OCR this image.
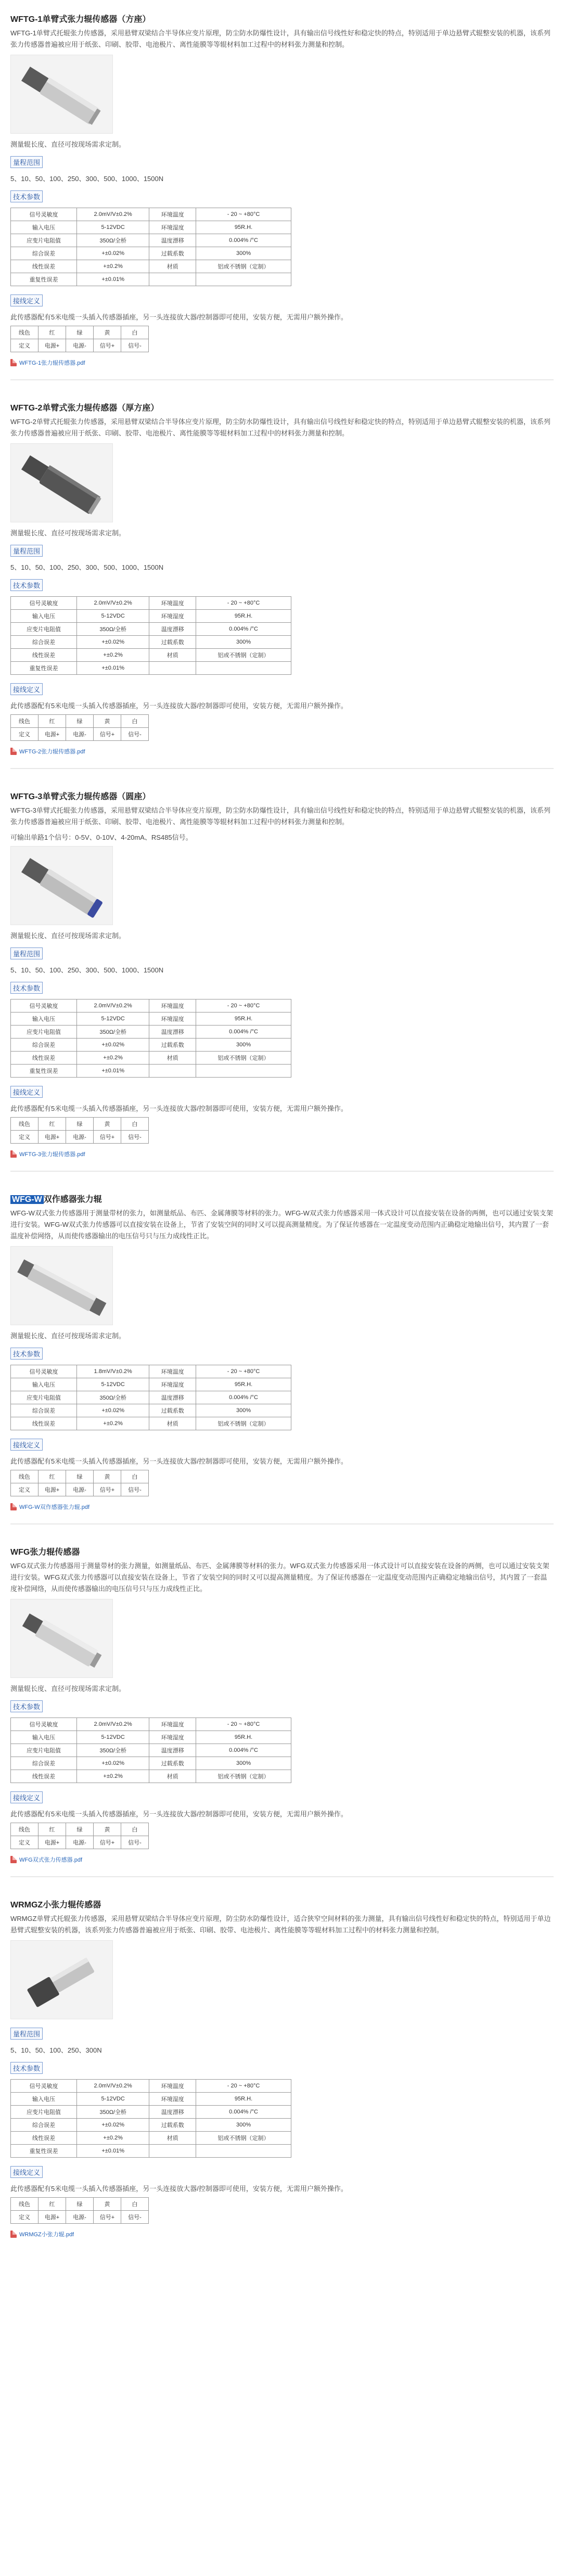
WFTG-1单臂式张力辊传感器（方座）

WFTG-1单臂式托辊张力传感器，采用悬臂双梁结合半导体应变片原理，防尘防水防爆性设计，具有输出信号线性好和稳定快的特点，特别适用于单边悬臂式辊整安装的机器，该系列张力传感器普遍被应用于纸张、印刷、胶带、电池极片、离性能膜等等辊材料加工过程中的材料张力测量和控制。

测量辊长度、直径可按现场需求定制。

量程范围
5、10、50、100、250、300、500、1000、1500N
技术参数
信号灵敏度	2.0mV/V±0.2%	环境温度	- 20 ~ +80°C
输入电压	5-12VDC	环境湿度	95R.H.
应变片电阻值	350Ω/全桥	温度漂移	0.004% /°C
综合误差	+±0.02%	过载系数	300%
线性误差	+±0.2%	材质	铝或不锈钢（定制）
重复性误差	+±0.01%		
接线定义
此传感器配有5米电缆一头插入传感器插座，另一头连接放大器/控制器即可使用，安装方便，无需用户额外操作。
线色	红	绿	黄	白
定义	电源+	电源-	信号+	信号-
WFTG-1张力辊传感器.pdf
WFTG-2单臂式张力辊传感器（厚方座）

WFTG-2单臂式托辊张力传感器，采用悬臂双梁结合半导体应变片原理，防尘防水防爆性设计，具有输出信号线性好和稳定快的特点，特别适用于单边悬臂式辊整安装的机器，该系列张力传感器普遍被应用于纸张、印刷、胶带、电池极片、离性能膜等等辊材料加工过程中的材料张力测量和控制。

测量辊长度、直径可按现场需求定制。

量程范围
5、10、50、100、250、300、500、1000、1500N
技术参数
信号灵敏度	2.0mV/V±0.2%	环境温度	- 20 ~ +80°C
输入电压	5-12VDC	环境湿度	95R.H.
应变片电阻值	350Ω/全桥	温度漂移	0.004% /°C
综合误差	+±0.02%	过载系数	300%
线性误差	+±0.2%	材质	铝或不锈钢（定制）
重复性误差	+±0.01%		
接线定义
此传感器配有5米电缆一头插入传感器插座，另一头连接放大器/控制器即可使用，安装方便，无需用户额外操作。
线色	红	绿	黄	白
定义	电源+	电源-	信号+	信号-
WFTG-2张力辊传感器.pdf
WFTG-3单臂式张力辊传感器（圆座）

WFTG-3单臂式托辊张力传感器，采用悬臂双梁结合半导体应变片原理，防尘防水防爆性设计，具有输出信号线性好和稳定快的特点，特别适用于单边悬臂式辊整安装的机器，该系列张力传感器普遍被应用于纸张、印刷、胶带、电池极片、离性能膜等等辊材料加工过程中的材料张力测量和控制。

可输出单路1个信号：0-5V、0-10V、4-20mA、RS485信号。

测量辊长度、直径可按现场需求定制。

量程范围
5、10、50、100、250、300、500、1000、1500N
技术参数
信号灵敏度	2.0mV/V±0.2%	环境温度	- 20 ~ +80°C
输入电压	5-12VDC	环境湿度	95R.H.
应变片电阻值	350Ω/全桥	温度漂移	0.004% /°C
综合误差	+±0.02%	过载系数	300%
线性误差	+±0.2%	材质	铝或不锈钢（定制）
重复性误差	+±0.01%		
接线定义
此传感器配有5米电缆一头插入传感器插座，另一头连接放大器/控制器即可使用，安装方便，无需用户额外操作。
线色	红	绿	黄	白
定义	电源+	电源-	信号+	信号-
WFTG-3张力辊传感器.pdf
WFG-W 双作感器张力辊

WFG-W双式张力传感器用于测量带材的张力，如测量纸品、布匹、金属薄膜等材料的张力。WFG-W双式张力传感器采用一体式设计可以直接安装在设备的两侧，也可以通过安装支架进行安装。WFG-W双式张力传感器可以直接安装在设备上，节省了安装空间的同时又可以提高测量精度。为了保证传感器在一定温度变动范围内正确稳定地输出信号，其内置了一套温度补偿网络，从而使传感器输出的电压信号只与压力成线性正比。

测量辊长度、直径可按现场需求定制。

技术参数
信号灵敏度	1.8mV/V±0.2%	环境温度	- 20 ~ +80°C
输入电压	5-12VDC	环境湿度	95R.H.
应变片电阻值	350Ω/全桥	温度漂移	0.004% /°C
综合误差	+±0.02%	过载系数	300%
线性误差	+±0.2%	材质	铝或不锈钢（定制）
接线定义
此传感器配有5米电缆一头插入传感器插座，另一头连接放大器/控制器即可使用，安装方便，无需用户额外操作。
线色	红	绿	黄	白
定义	电源+	电源-	信号+	信号-
WFG-W双作感器张力辊.pdf
WFG张力辊传感器

WFG双式张力传感器用于测量带材的张力测量，如测量纸品、布匹、金属薄膜等材料的张力。WFG双式张力传感器采用一体式设计可以直接安装在设备的两侧，也可以通过安装支架进行安装。WFG双式张力传感器可以直接安装在设备上，节省了安装空间的同时又可以提高测量精度。为了保证传感器在一定温度变动范围内正确稳定地输出信号，其内置了一套温度补偿网络，从而使传感器输出的电压信号只与压力成线性正比。

测量辊长度、直径可按现场需求定制。

技术参数
信号灵敏度	2.0mV/V±0.2%	环境温度	- 20 ~ +80°C
输入电压	5-12VDC	环境湿度	95R.H.
应变片电阻值	350Ω/全桥	温度漂移	0.004% /°C
综合误差	+±0.02%	过载系数	300%
线性误差	+±0.2%	材质	铝或不锈钢（定制）
接线定义
此传感器配有5米电缆一头插入传感器插座，另一头连接放大器/控制器即可使用，安装方便，无需用户额外操作。
线色	红	绿	黄	白
定义	电源+	电源-	信号+	信号-
WFG双式张力传感器.pdf
WRMGZ小张力辊传感器

WRMGZ单臂式托辊张力传感器，采用悬臂双梁结合半导体应变片原理，防尘防水防爆性设计，适合狭窄空间材料的张力测量，具有输出信号线性好和稳定快的特点，特别适用于单边悬臂式辊整安装的机器，该系列张力传感器普遍被应用于纸张、印刷、胶带、电池极片、离性能膜等等辊材料加工过程中的材料张力测量和控制。

量程范围
5、10、50、100、250、300N
技术参数
信号灵敏度	2.0mV/V±0.2%	环境温度	- 20 ~ +80°C
输入电压	5-12VDC	环境湿度	95R.H.
应变片电阻值	350Ω/全桥	温度漂移	0.004% /°C
综合误差	+±0.02%	过载系数	300%
线性误差	+±0.2%	材质	铝或不锈钢（定制）
重复性误差	+±0.01%		
接线定义
此传感器配有5米电缆一头插入传感器插座，另一头连接放大器/控制器即可使用，安装方便，无需用户额外操作。
线色	红	绿	黄	白
定义	电源+	电源-	信号+	信号-
WRMGZ小张力辊.pdf
